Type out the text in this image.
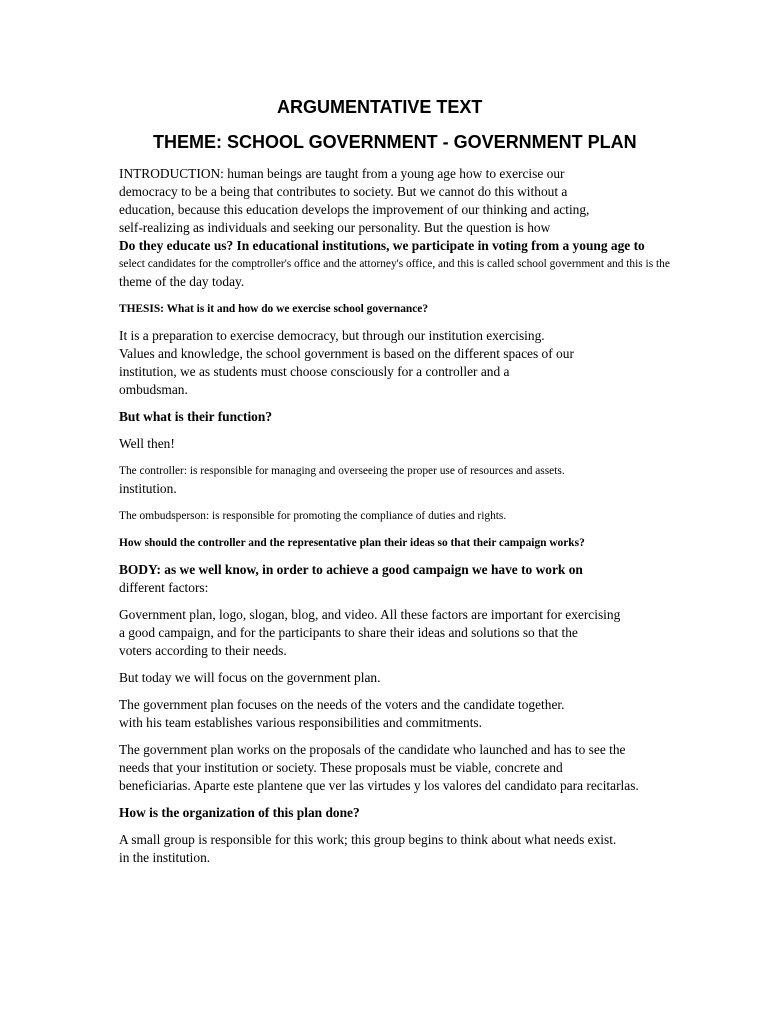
ARGUMENTATIVE TEXT
THEME: SCHOOL GOVERNMENT - GOVERNMENT PLAN

INTRODUCTION: human beings are taught from a young age how to exercise our
democracy to be a being that contributes to society. But we cannot do this without a
education, because this education develops the improvement of our thinking and acting,
self-realizing as individuals and seeking our personality. But the question is how
Do they educate us? In educational institutions, we participate in voting from a young age to
select candidates for the comptroller's office and the attorney's office, and this is called school government and this is the
theme of the day today.

THESIS: What is it and how do we exercise school governance?

It is a preparation to exercise democracy, but through our institution exercising.
Values and knowledge, the school government is based on the different spaces of our
institution, we as students must choose consciously for a controller and a
ombudsman.

But what is their function?

Well then!

The controller: is responsible for managing and overseeing the proper use of resources and assets.
institution.

The ombudsperson: is responsible for promoting the compliance of duties and rights.

How should the controller and the representative plan their ideas so that their campaign works?

BODY: as we well know, in order to achieve a good campaign we have to work on
different factors:

Government plan, logo, slogan, blog, and video. All these factors are important for exercising
a good campaign, and for the participants to share their ideas and solutions so that the
voters according to their needs.

But today we will focus on the government plan.

The government plan focuses on the needs of the voters and the candidate together.
with his team establishes various responsibilities and commitments.

The government plan works on the proposals of the candidate who launched and has to see the
needs that your institution or society. These proposals must be viable, concrete and
beneficiarias. Aparte este plantene que ver las virtudes y los valores del candidato para recitarlas.

How is the organization of this plan done?

A small group is responsible for this work; this group begins to think about what needs exist.
in the institution.
